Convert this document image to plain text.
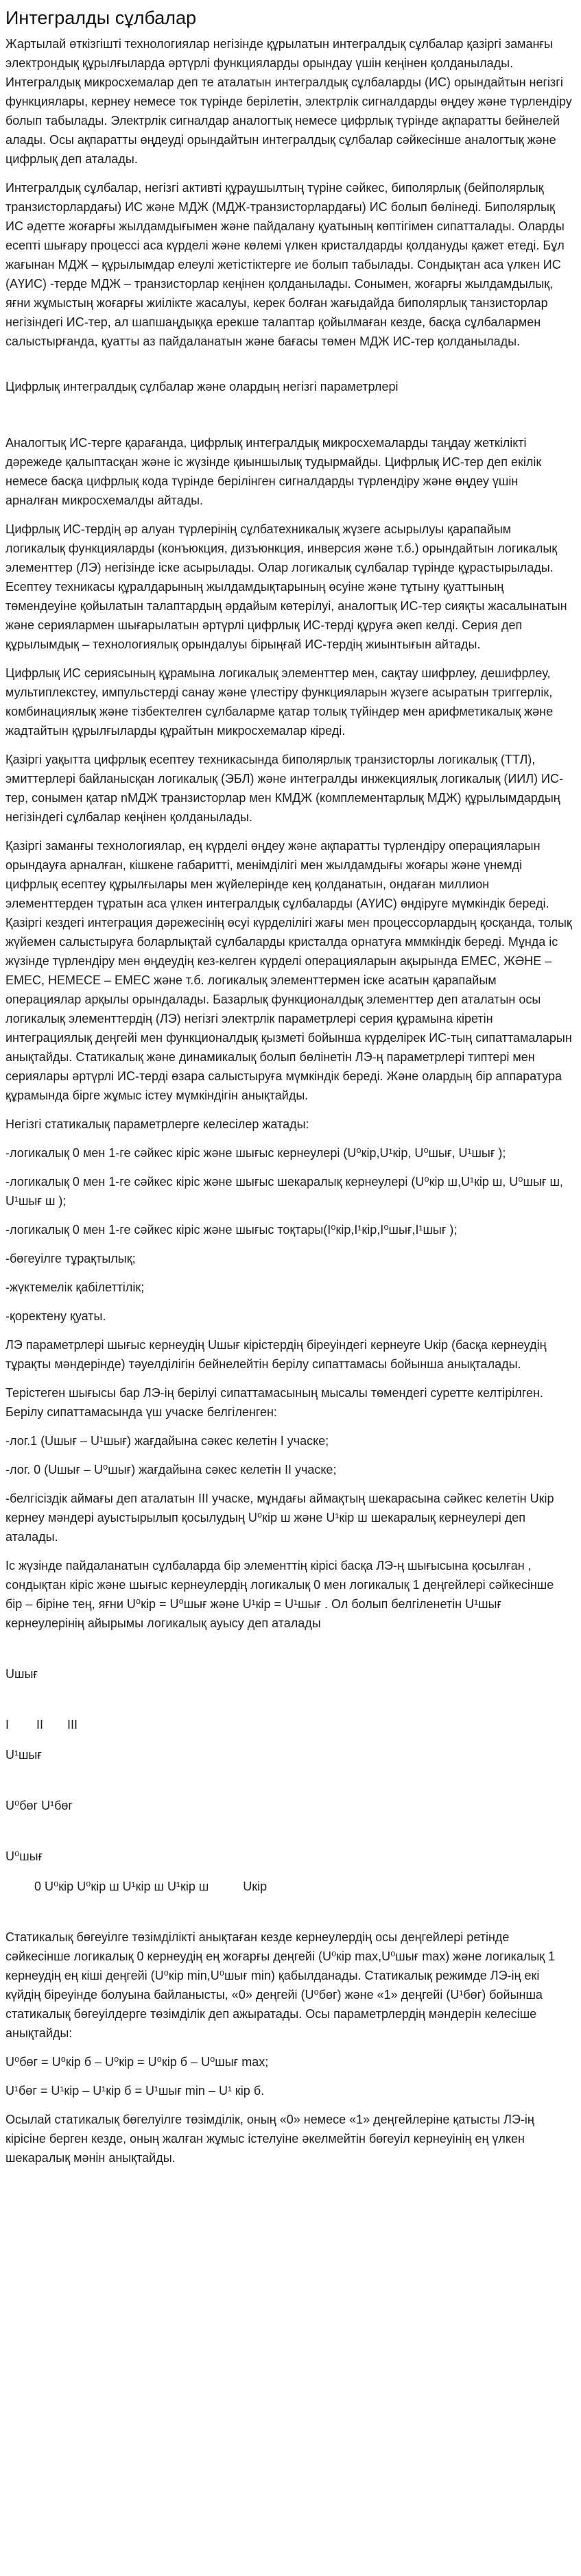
Интегралды сұлбалар

Жартылай өткізгішті технологиялар негізінде құрылатын интегралдық сұлбалар қазіргі заманғы электрондық құрылғыларда әртүрлі функцияларды орындау үшін кеңінен қолданылады. Интегралдық микросхемалар деп те аталатын интегралдық сұлбаларды (ИС) орындайтын негізгі функциялары, кернеу немесе ток түрінде берілетін, электрлік сигналдарды өңдеу және түрлендіру болып табылады. Электрлік сигналдар аналогтық немесе цифрлық түрінде ақпаратты бейнелей алады. Осы ақпаратты өңдеуді орындайтын интегралдық сұлбалар сәйкесінше аналогтық және цифрлық деп аталады.

Интегралдық сұлбалар, негізгі активті құраушылтың түріне сәйкес, биполярлық (бейполярлық транзисторлардағы) ИС және МДЖ (МДЖ-транзисторлардағы) ИС болып бөлінеді. Биполярлық ИС әдетте жоғарғы жылдамдығымен және пайдалану қуатының көптігімен сипатталады. Оларды есепті шығару процессі аса күрделі және көлемі үлкен кристалдарды қолдануды қажет етеді. Бұл жағынан МДЖ – құрылымдар елеулі жетістіктерге ие болып табылады. Сондықтан аса үлкен ИС (АҮИС) -терде МДЖ – транзисторлар кеңінен қолданылады. Сонымен, жоғарғы жылдамдылық, яғни жұмыстың жоғарғы жиілікте жасалуы, керек болған жағыдайда биполярлық танзисторлар негізіндегі ИС-тер, ал шапшаңдыққа ерекше талаптар қойылмаған кезде, басқа сұлбалармен салыстырғанда, қуатты аз пайдаланатын және бағасы төмен МДЖ ИС-тер қолданылады.

Цифрлық интегралдық сұлбалар және олардың негізгі параметрлері

Аналогтық ИС-терге қарағанда, цифрлық интегралдық микросхемаларды таңдау жеткілікті дәрежеде қалыптасқан және іс жүзінде қиыншылық тудырмайды. Цифрлық ИС-тер деп екілік немесе басқа цифрлық кода түрінде берілінген сигналдарды түрлендіру және өңдеу үшін арналған микросхемалды айтады.

Цифрлық ИС-тердің әр алуан түрлерінің сұлбатехникалық жүзеге асырылуы қарапайым логикалық функцияларды (конъюкция, дизъюнкция, инверсия және т.б.) орындайтын логикалық элементтер (ЛЭ) негізінде іске асырылады. Олар логикалық сұлбалар түрінде құрастырылады. Есептеу техникасы құралдарының жылдамдықтарының өсуіне және тұтыну қуаттының төмендеуіне қойылатын талаптардың әрдайым көтерілуі, аналогтық ИС-тер сияқты жасалынатын және сериялармен шығарылатын әртүрлі цифрлық ИС-терді құруға әкеп келді. Серия деп құрылымдық – технологиялық орындалуы бірыңғай ИС-тердің жиынтығын айтады.

Цифрлық ИС сериясының құрамына логикалық элементтер мен, сақтау шифрлеу, дешифрлеу, мультиплекстеу, импульстерді санау және үлестіру функцияларын жүзеге асыратын триггерлік, комбинациялық және тізбектелген сұлбаларме қатар толық түйіндер мен арифметикалық және жадтайтын құрылғыларды құрайтын микросхемалар кіреді.

Қазіргі уақытта цифрлық есептеу техникасында биполярлық транзисторлы логикалық (ТТЛ), эмиттерлері байланысқан логикалық (ЭБЛ) және интегралды инжекциялық логикалық (ИИЛ) ИС-тер, сонымен қатар nМДЖ транзисторлар мен КМДЖ (комплементарлық МДЖ) құрылымдардың негізіндегі сұлбалар кеңінен қолданылады.

Қазіргі заманғы технологиялар, ең күрделі өңдеу және ақпаратты түрлендіру операцияларын орындауға арналған, кішкене габаритті, менімділігі мен жылдамдығы жоғары және үнемді цифрлық есептеу құрылғылары мен жүйелерінде кең қолданатын, ондаған миллион элементтерден тұратын аса үлкен интегралдық сұлбаларды (АҮИС) өндіруге мүмкіндік береді. Қазіргі кездегі интеграция дәрежесінің өсуі күрделілігі жағы мен процессорлардың қосқанда, толық жүйемен салыстыруға боларлықтай сұлбаларды кристалда орнатуға мммкіндік береді. Мұнда іс жүзінде түрлендіру мен өңдеудің кез-келген күрделі операцияларын ақырында ЕМЕС, ЖӘНЕ – ЕМЕС, НЕМЕСЕ – ЕМЕС және т.б. логикалық элементтермен іске асатын қарапайым операциялар арқылы орындалады. Базарлық функционалдық элементтер деп аталатын осы логикалық элементтердің (ЛЭ) негізгі электрлік параметрлері серия құрамына кіретін интеграциялық деңгейі мен функционалдық қызметі бойынша күрделірек ИС-тың сипаттамаларын анықтайды. Статикалық және динамикалық болып бөлінетін ЛЭ-ң параметрлері типтері мен сериялары әртүрлі ИС-терді өзара салыстыруға мүмкіндік береді. Және олардың бір аппаратура құрамында бірге жұмыс істеу мүмкіндігін анықтайды.

Негізгі статикалық параметрлерге келесілер жатады:

-логикалық 0 мен 1-ге сәйкес кіріс және шығыс кернеулері (U⁰кір,U¹кір, U⁰шығ, U¹шығ );

-логикалық 0 мен 1-ге сәйкес кіріс және шығыс шекаралық кернеулері (U⁰кір ш,U¹кір ш, U⁰шығ ш, U¹шығ ш );

-логикалық 0 мен 1-ге сәйкес кіріс және шығыс тоқтары(I⁰кір,I¹кір,I⁰шығ,I¹шығ );

-бөгеуілге тұрақтылық;

-жүктемелік қабілеттілік;

-қоректену қуаты.

ЛЭ параметрлері шығыс кернеудің Uшығ кірістердің біреуіндегі кернеуге Uкір (басқа кернеудің тұрақты мәндерінде) тәуелділігін бейнелейтін берілу сипаттамасы бойынша анықталады.

Терістеген шығысы бар ЛЭ-ің берілуі сипаттамасының мысалы төмендегі суретте келтірілген. Берілу сипаттамасында үш учаске белгіленген:

-лог.1 (Uшығ – U¹шығ) жағдайына сәкес келетін I учаске;

-лог. 0 (Uшығ – U⁰шығ) жағдайына сәкес келетін II учаске;

-белгісіздік аймағы деп аталатын III учаске, мұндағы аймақтың шекарасына сәйкес келетін Uкір кернеу мәндері ауыстырылып қосылудың U⁰кір ш және U¹кір ш шекаралық кернеулері деп аталады.

Іс жүзінде пайдаланатын сұлбаларда бір элементтің кірісі басқа ЛЭ-ң шығысына қосылған , сондықтан кіріс және шығыс кернеулердің логикалық 0 мен логикалық 1 деңгейлері сәйкесінше бір – біріне тең, яғни U⁰кір = U⁰шығ және U¹кір = U¹шығ . Ол болып белгіленетін U¹шығ кернеулерінің айырымы логикалық ауысу деп аталады

Uшығ

I        II       III

U¹шығ

U⁰бөг U¹бөг

U⁰шығ

0 U⁰кір U⁰кір ш U¹кір ш U¹кір ш          Uкір

Статикалық бөгеуілге төзімділікті анықтаған кезде кернеулердің осы деңгейлері ретінде сәйкесінше логикалық 0 кернеудің ең жоғарғы деңгейі (U⁰кір max,U⁰шығ max) және логикалық 1 кернеудің ең кіші деңгейі (U⁰кір min,U⁰шығ min) қабылданады. Статикалық режимде ЛЭ-ің екі күйдің біреуінде болуына байланысты, «0» деңгейі (U⁰бөг) және «1» деңгейі (U¹бөг) бойынша статикалық бөгеуілдерге төзімділік деп ажыратады. Осы параметрлердің мәндерін келесіше анықтайды:

U⁰бөг = U⁰кір б – U⁰кір = U⁰кір б – U⁰шығ max;

U¹бөг = U¹кір – U¹кір б = U¹шығ min – U¹ кір б.

Осылай статикалық бөгелуілге төзімділік, оның «0» немесе «1» деңгейлеріне қатысты ЛЭ-ің кірісіне берген кезде, оның жалған жұмыс істелуіне әкелмейтін бөгеуіл кернеуінің ең үлкен шекаралық мәнін анықтайды.
